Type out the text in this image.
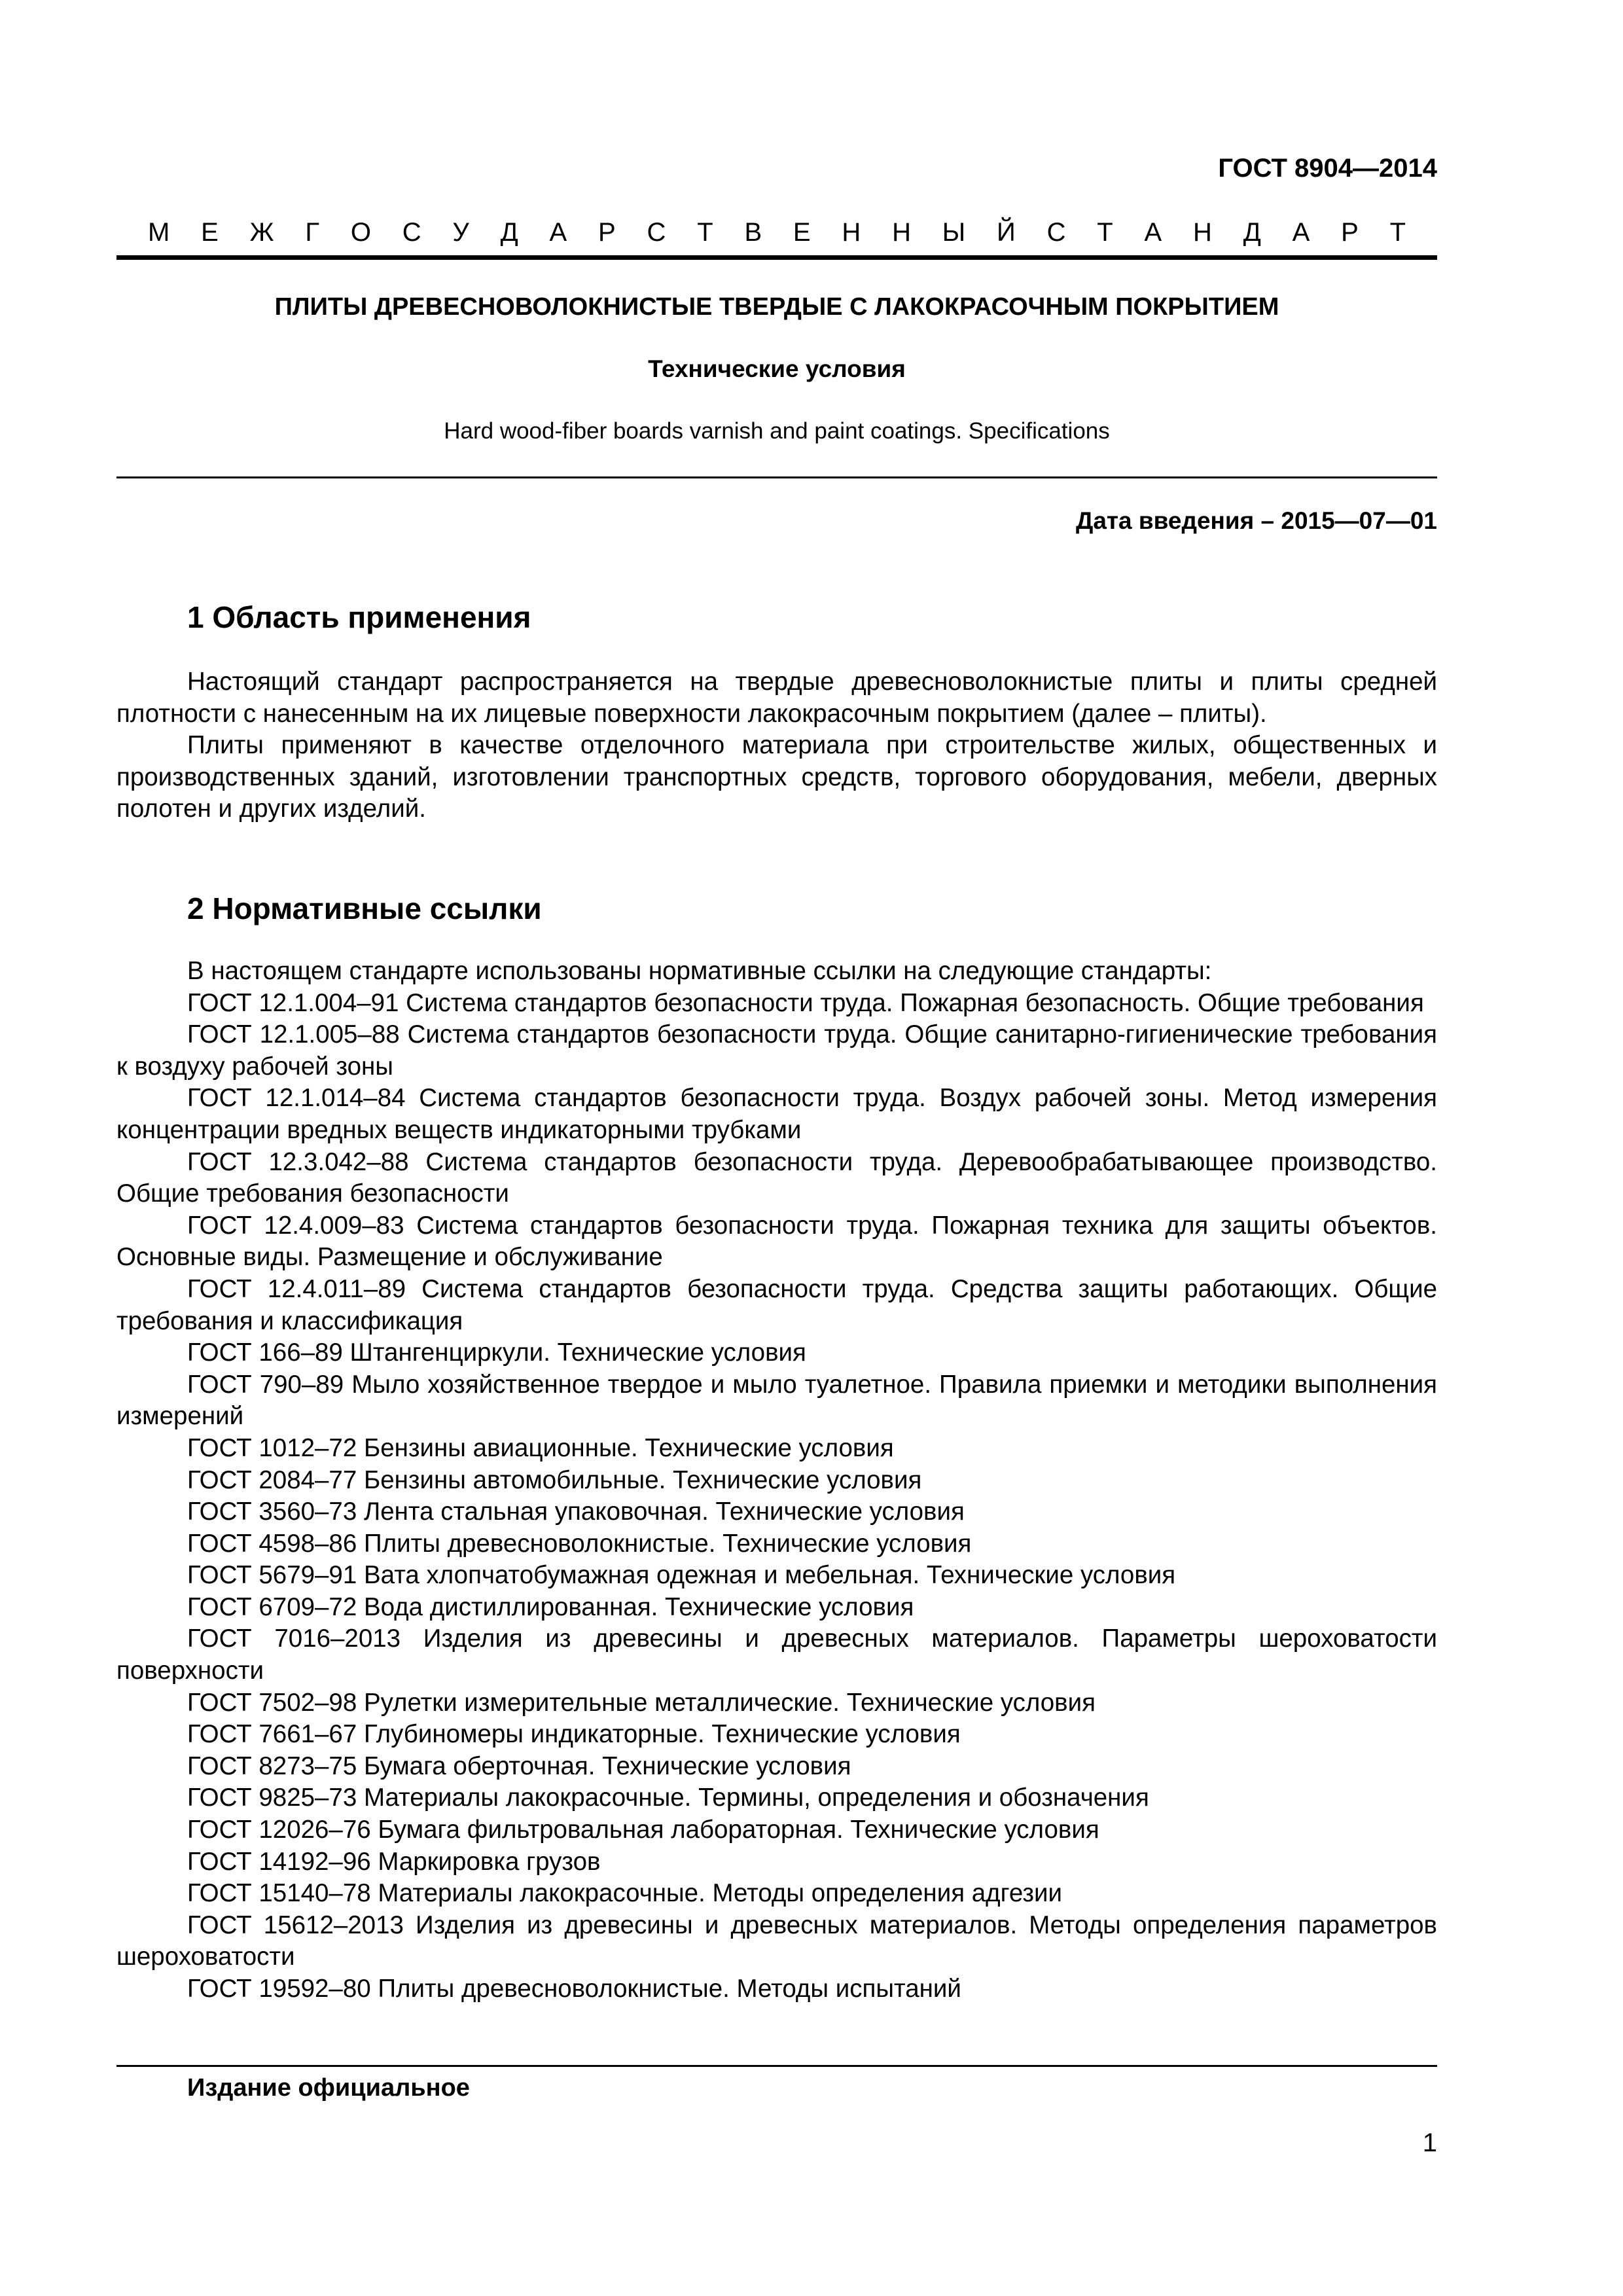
ГОСТ 8904—2014
М Е Ж Г О С У Д А Р С Т В Е Н Н Ы Й С Т А Н Д А Р Т
ПЛИТЫ ДРЕВЕСНОВОЛОКНИСТЫЕ ТВЕРДЫЕ С ЛАКОКРАСОЧНЫМ ПОКРЫТИЕМ
Технические условия
Hard wood-fiber boards varnish and paint coatings. Specifications
Дата введения – 2015—07—01
1 Область применения

Настоящий стандарт распространяется на твердые древесноволокнистые плиты и плиты средней плотности с нанесенным на их лицевые поверхности лакокрасочным покрытием (далее – плиты).

Плиты применяют в качестве отделочного материала при строительстве жилых, общественных и производственных зданий, изготовлении транспортных средств, торгового оборудования, мебели, дверных полотен и других изделий.

2 Нормативные ссылки

В настоящем стандарте использованы нормативные ссылки на следующие стандарты:

ГОСТ 12.1.004–91 Система стандартов безопасности труда. Пожарная безопасность. Общие требования

ГОСТ 12.1.005–88 Система стандартов безопасности труда. Общие санитарно-гигиенические требования к воздуху рабочей зоны

ГОСТ 12.1.014–84 Система стандартов безопасности труда. Воздух рабочей зоны. Метод измерения концентрации вредных веществ индикаторными трубками

ГОСТ 12.3.042–88 Система стандартов безопасности труда. Деревообрабатывающее производство. Общие требования безопасности

ГОСТ 12.4.009–83 Система стандартов безопасности труда. Пожарная техника для защиты объектов. Основные виды. Размещение и обслуживание

ГОСТ 12.4.011–89 Система стандартов безопасности труда. Средства защиты работающих. Общие требования и классификация

ГОСТ 166–89 Штангенциркули. Технические условия

ГОСТ 790–89 Мыло хозяйственное твердое и мыло туалетное. Правила приемки и методики выполнения измерений

ГОСТ 1012–72 Бензины авиационные. Технические условия

ГОСТ 2084–77 Бензины автомобильные. Технические условия

ГОСТ 3560–73 Лента стальная упаковочная. Технические условия

ГОСТ 4598–86 Плиты древесноволокнистые. Технические условия

ГОСТ 5679–91 Вата хлопчатобумажная одежная и мебельная. Технические условия

ГОСТ 6709–72 Вода дистиллированная. Технические условия

ГОСТ 7016–2013 Изделия из древесины и древесных материалов. Параметры шероховатости поверхности

ГОСТ 7502–98 Рулетки измерительные металлические. Технические условия

ГОСТ 7661–67 Глубиномеры индикаторные. Технические условия

ГОСТ 8273–75 Бумага оберточная. Технические условия

ГОСТ 9825–73 Материалы лакокрасочные. Термины, определения и обозначения

ГОСТ 12026–76 Бумага фильтровальная лабораторная. Технические условия

ГОСТ 14192–96 Маркировка грузов

ГОСТ 15140–78 Материалы лакокрасочные. Методы определения адгезии

ГОСТ 15612–2013 Изделия из древесины и древесных материалов. Методы определения параметров шероховатости

ГОСТ 19592–80 Плиты древесноволокнистые. Методы испытаний

Издание официальное
1
